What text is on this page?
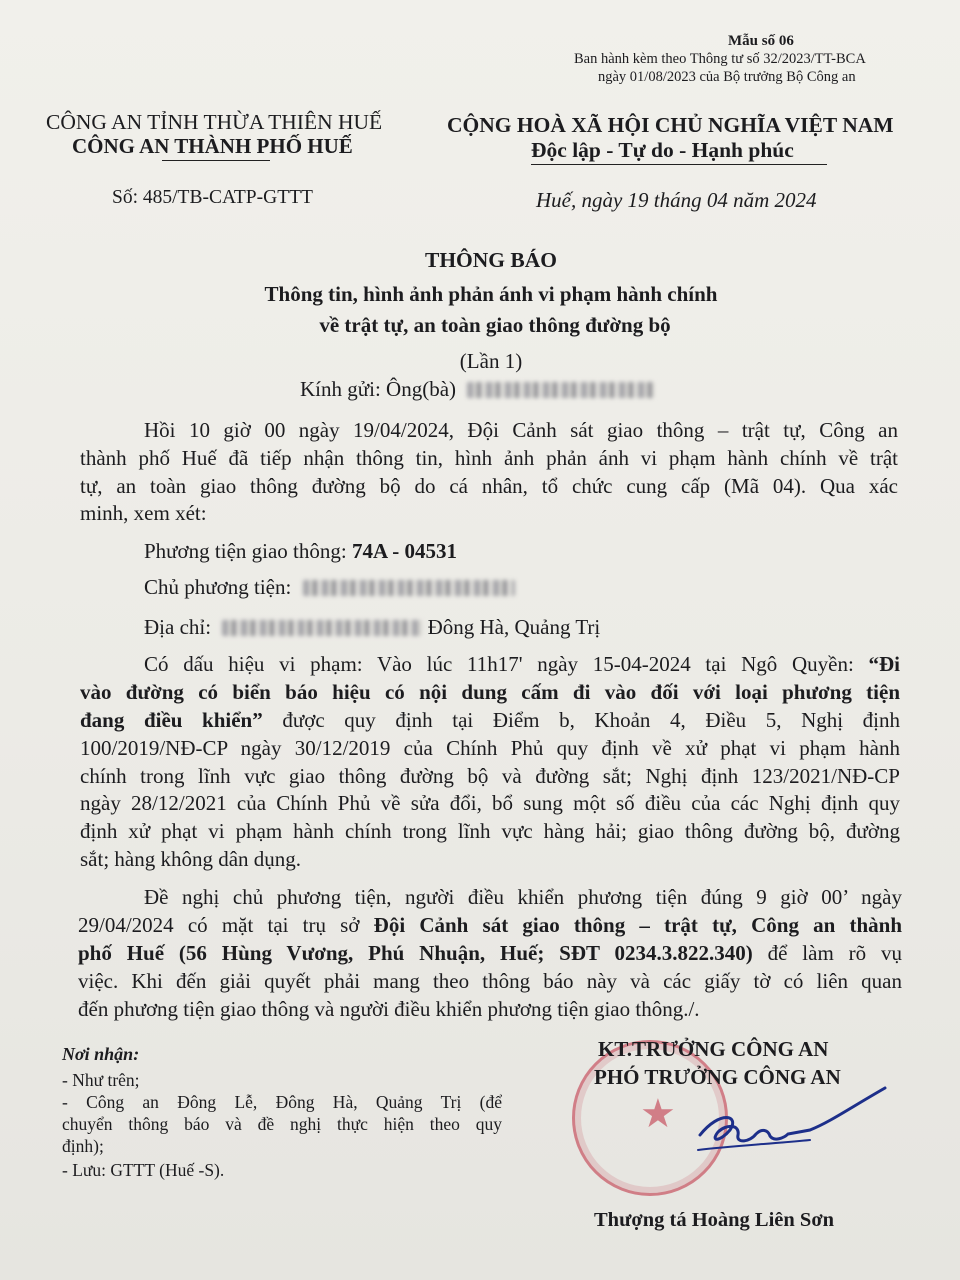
Mẫu số 06
Ban hành kèm theo Thông tư số 32/2023/TT-BCA
ngày 01/08/2023 của Bộ trưởng Bộ Công an
CÔNG AN TỈNH THỪA THIÊN HUẾ
CÔNG AN THÀNH PHỐ HUẾ
Số: 485/TB-CATP-GTTT
CỘNG HOÀ XÃ HỘI CHỦ NGHĨA VIỆT NAM
Độc lập - Tự do - Hạnh phúc
Huế, ngày 19 tháng 04 năm 2024
THÔNG BÁO
Thông tin, hình ảnh phản ánh vi phạm hành chính
về trật tự, an toàn giao thông đường bộ
(Lần 1)
Kính gửi: Ông(bà)
Hồi 10 giờ 00 ngày 19/04/2024, Đội Cảnh sát giao thông – trật tự, Công an
thành phố Huế đã tiếp nhận thông tin, hình ảnh phản ánh vi phạm hành chính về trật
tự, an toàn giao thông đường bộ do cá nhân, tổ chức cung cấp (Mã 04). Qua xác
minh, xem xét:
Phương tiện giao thông: 74A - 04531
Chủ phương tiện:
Địa chỉ:	Đông Hà, Quảng Trị
Có dấu hiệu vi phạm: Vào lúc 11h17' ngày 15-04-2024 tại Ngô Quyền: “Đi
vào đường có biển báo hiệu có nội dung cấm đi vào đối với loại phương tiện
đang điều khiển” được quy định tại Điểm b, Khoản 4, Điều 5, Nghị định
100/2019/NĐ-CP ngày 30/12/2019 của Chính Phủ quy định về xử phạt vi phạm hành
chính trong lĩnh vực giao thông đường bộ và đường sắt; Nghị định 123/2021/NĐ-CP
ngày 28/12/2021 của Chính Phủ về sửa đổi, bổ sung một số điều của các Nghị định quy
định xử phạt vi phạm hành chính trong lĩnh vực hàng hải; giao thông đường bộ, đường
sắt; hàng không dân dụng.
Đề nghị chủ phương tiện, người điều khiển phương tiện đúng 9 giờ 00’ ngày
29/04/2024 có mặt tại trụ sở Đội Cảnh sát giao thông – trật tự, Công an thành
phố Huế (56 Hùng Vương, Phú Nhuận, Huế; SĐT 0234.3.822.340) để làm rõ vụ
việc. Khi đến giải quyết phải mang theo thông báo này và các giấy tờ có liên quan
đến phương tiện giao thông và người điều khiển phương tiện giao thông./.
Nơi nhận:
- Như trên;
- Công an Đông Lễ, Đông Hà, Quảng Trị (để
chuyển thông báo và đề nghị thực hiện theo quy
định);
- Lưu: GTTT (Huế -S).
★
KT.TRƯỞNG CÔNG AN
PHÓ TRƯỞNG CÔNG AN
Thượng tá Hoàng Liên Sơn
